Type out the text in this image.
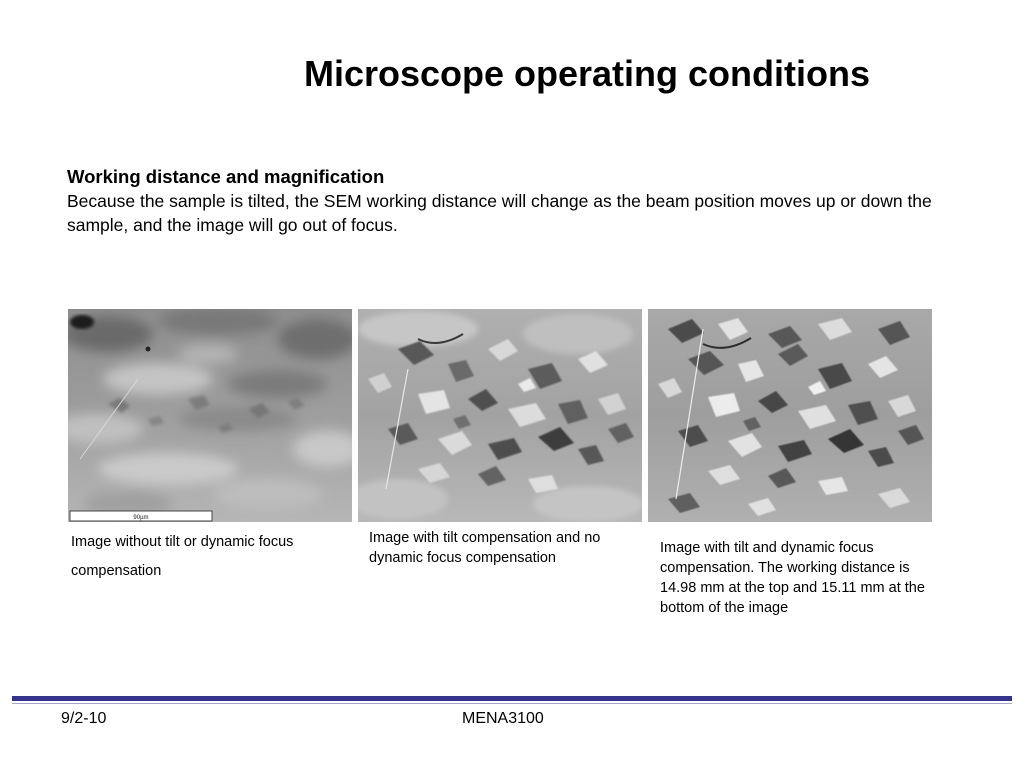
Microscope operating conditions
Working distance and magnification
Because the sample is tilted, the SEM working distance will change as the beam position moves up or down the sample, and the image will go out of focus.
90µm
Image without tilt or dynamic focus compensation
Image with tilt compensation and no dynamic focus compensation
Image with tilt and dynamic focus compensation. The working distance is 14.98 mm at the top and 15.11 mm at the bottom of the image
9/2-10	MENA3100
